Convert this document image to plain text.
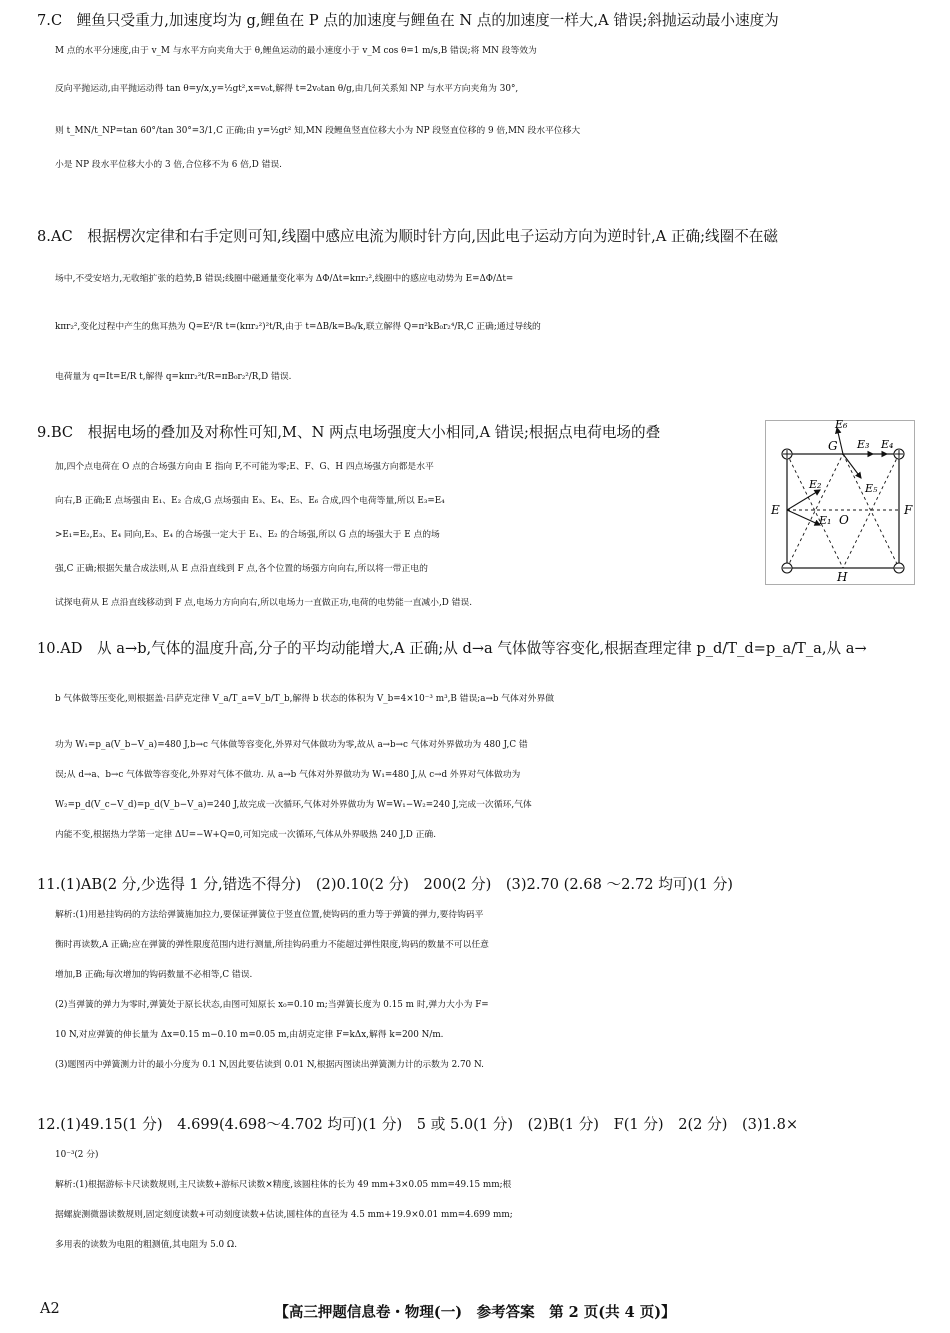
7.C　鲤鱼只受重力,加速度均为 g,鲤鱼在 P 点的加速度与鲤鱼在 N 点的加速度一样大,A 错误;斜抛运动最小速度为

M 点的水平分速度,由于 v_M 与水平方向夹角大于 θ,鲤鱼运动的最小速度小于 v_M cos θ=1 m/s,B 错误;将 MN 段等效为

反向平抛运动,由平抛运动得 tan θ=y/x,y=½gt²,x=v₀t,解得 t=2v₀tan θ/g,由几何关系知 NP 与水平方向夹角为 30°,

则 t_MN/t_NP=tan 60°/tan 30°=3/1,C 正确;由 y=½gt² 知,MN 段鲤鱼竖直位移大小为 NP 段竖直位移的 9 倍,MN 段水平位移大

小是 NP 段水平位移大小的 3 倍,合位移不为 6 倍,D 错误.

8.AC　根据楞次定律和右手定则可知,线圈中感应电流为顺时针方向,因此电子运动方向为逆时针,A 正确;线圈不在磁

场中,不受安培力,无收缩扩张的趋势,B 错误;线圈中磁通量变化率为 ΔΦ/Δt=kπr₂²,线圈中的感应电动势为 E=ΔΦ/Δt=

kπr₂²,变化过程中产生的焦耳热为 Q=E²/R t=(kπr₂²)²t/R,由于 t=ΔB/k=B₀/k,联立解得 Q=π²kB₀r₂⁴/R,C 正确;通过导线的

电荷量为 q=It=E/R t,解得 q=kπr₂²t/R=πB₀r₂²/R,D 错误.

9.BC　根据电场的叠加及对称性可知,M、N 两点电场强度大小相同,A 错误;根据点电荷电场的叠

加,四个点电荷在 O 点的合场强方向由 E 指向 F,不可能为零;E、F、G、H 四点场强方向都是水平

向右,B 正确;E 点场强由 E₁、E₂ 合成,G 点场强由 E₃、E₄、E₅、E₆ 合成,四个电荷等量,所以 E₃=E₄

>E₁=E₂,E₃、E₄ 同向,E₃、E₄ 的合场强一定大于 E₁、E₂ 的合场强,所以 G 点的场强大于 E 点的场

强,C 正确;根据矢量合成法则,从 E 点沿直线到 F 点,各个位置的场强方向向右,所以将一带正电的

试探电荷从 E 点沿直线移动到 F 点,电场力方向向右,所以电场力一直做正功,电荷的电势能一直减小,D 错误.

E₆
G E₃ E₄
E₅
E₂
E₁
E
O
F
H

10.AD　从 a→b,气体的温度升高,分子的平均动能增大,A 正确;从 d→a 气体做等容变化,根据查理定律 p_d/T_d=p_a/T_a,从 a→

b 气体做等压变化,则根据盖·吕萨克定律 V_a/T_a=V_b/T_b,解得 b 状态的体积为 V_b=4×10⁻³ m³,B 错误;a→b 气体对外界做

功为 W₁=p_a(V_b−V_a)=480 J,b→c 气体做等容变化,外界对气体做功为零,故从 a→b→c 气体对外界做功为 480 J,C 错

误;从 d→a、b→c 气体做等容变化,外界对气体不做功. 从 a→b 气体对外界做功为 W₁=480 J,从 c→d 外界对气体做功为

W₂=p_d(V_c−V_d)=p_d(V_b−V_a)=240 J,故完成一次循环,气体对外界做功为 W=W₁−W₂=240 J,完成一次循环,气体

内能不变,根据热力学第一定律 ΔU=−W+Q=0,可知完成一次循环,气体从外界吸热 240 J,D 正确.

11.(1)AB(2 分,少选得 1 分,错选不得分)　(2)0.10(2 分)　200(2 分)　(3)2.70 (2.68 ～2.72 均可)(1 分)

解析:(1)用悬挂钩码的方法给弹簧施加拉力,要保证弹簧位于竖直位置,使钩码的重力等于弹簧的弹力,要待钩码平

衡时再读数,A 正确;应在弹簧的弹性限度范围内进行测量,所挂钩码重力不能超过弹性限度,钩码的数量不可以任意

增加,B 正确;每次增加的钩码数量不必相等,C 错误.

(2)当弹簧的弹力为零时,弹簧处于原长状态,由图可知原长 x₀=0.10 m;当弹簧长度为 0.15 m 时,弹力大小为 F=

10 N,对应弹簧的伸长量为 Δx=0.15 m−0.10 m=0.05 m,由胡克定律 F=kΔx,解得 k=200 N/m.

(3)题图丙中弹簧测力计的最小分度为 0.1 N,因此要估读到 0.01 N,根据丙图读出弹簧测力计的示数为 2.70 N.

12.(1)49.15(1 分)　4.699(4.698～4.702 均可)(1 分)　5 或 5.0(1 分)　(2)B(1 分)　F(1 分)　2(2 分)　(3)1.8×

10⁻³(2 分)

解析:(1)根据游标卡尺读数规则,主尺读数+游标尺读数×精度,该圆柱体的长为 49 mm+3×0.05 mm=49.15 mm;根

据螺旋测微器读数规则,固定刻度读数+可动刻度读数+估读,圆柱体的直径为 4.5 mm+19.9×0.01 mm=4.699 mm;

多用表的读数为电阻的粗测值,其电阻为 5.0 Ω.

A2	【高三押题信息卷・物理(一)　参考答案　第 2 页(共 4 页)】
